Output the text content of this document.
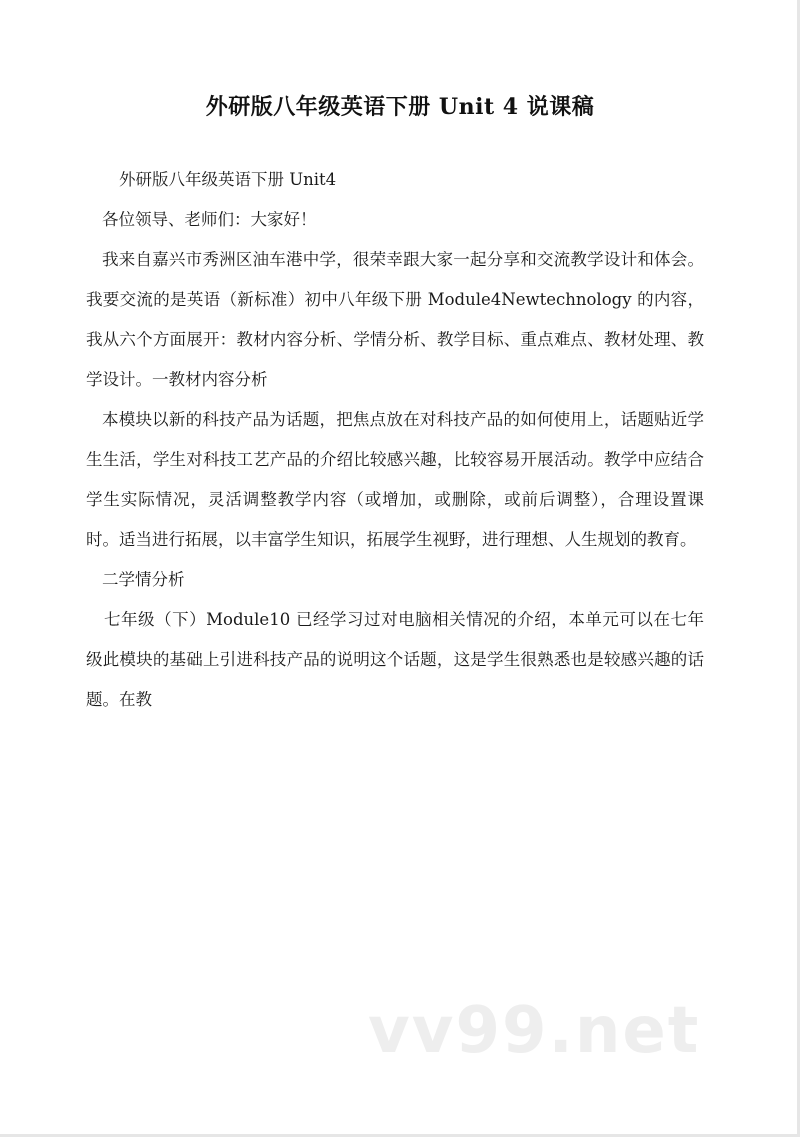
外研版八年级英语下册 Unit 4 说课稿

外研版八年级英语下册 Unit4

各位领导、老师们：大家好！

我来自嘉兴市秀洲区油车港中学，很荣幸跟大家一起分享和交流教学设计和体会。我要交流的是英语（新标准）初中八年级下册 Module4Newtechnology 的内容，我从六个方面展开：教材内容分析、学情分析、教学目标、重点难点、教材处理、教学设计。一教材内容分析

本模块以新的科技产品为话题，把焦点放在对科技产品的如何使用上，话题贴近学生生活，学生对科技工艺产品的介绍比较感兴趣，比较容易开展活动。教学中应结合学生实际情况，灵活调整教学内容（或增加，或删除，或前后调整），合理设置课时。适当进行拓展，以丰富学生知识，拓展学生视野，进行理想、人生规划的教育。

二学情分析

七年级（下）Module10 已经学习过对电脑相关情况的介绍，本单元可以在七年级此模块的基础上引进科技产品的说明这个话题，这是学生很熟悉也是较感兴趣的话题。在教

vv99.net
